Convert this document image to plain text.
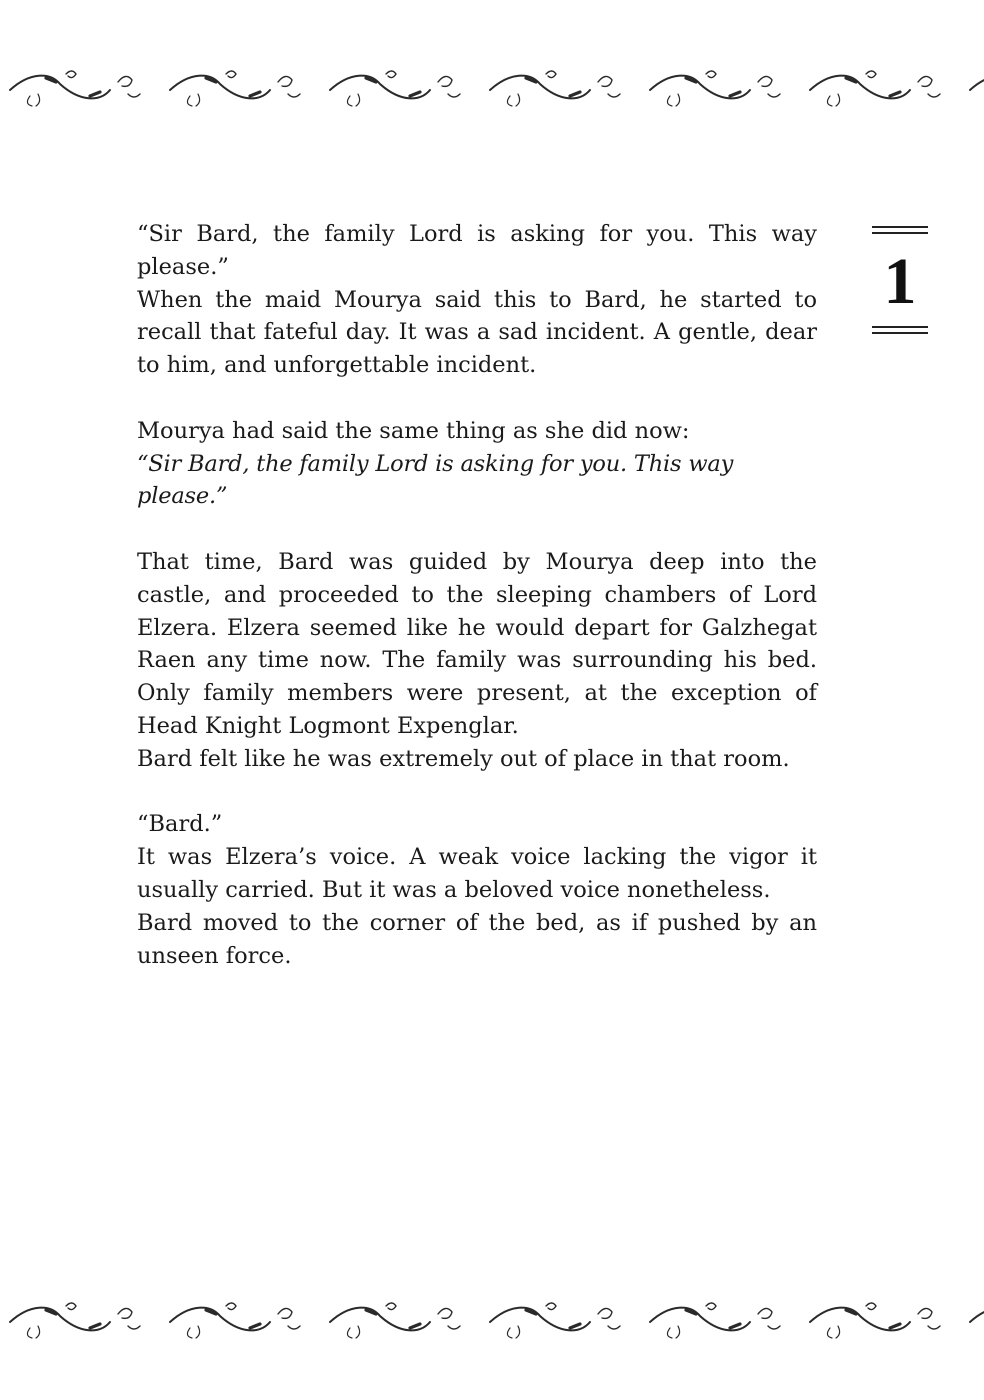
1

“Sir Bard, the family Lord is asking for you. This way please.”

When the maid Mourya said this to Bard, he started to recall that fateful day. It was a sad incident. A gentle, dear to him, and unforgettable incident.

Mourya had said the same thing as she did now:

“Sir Bard, the family Lord is asking for you. This way please.”

That time, Bard was guided by Mourya deep into the castle, and proceeded to the sleeping chambers of Lord Elzera. Elzera seemed like he would depart for Galzhegat Raen any time now. The family was surrounding his bed. Only family members were present, at the exception of Head Knight Logmont Expenglar.

Bard felt like he was extremely out of place in that room.

“Bard.”

It was Elzera’s voice. A weak voice lacking the vigor it usually carried. But it was a beloved voice nonetheless.

Bard moved to the corner of the bed, as if pushed by an unseen force.
